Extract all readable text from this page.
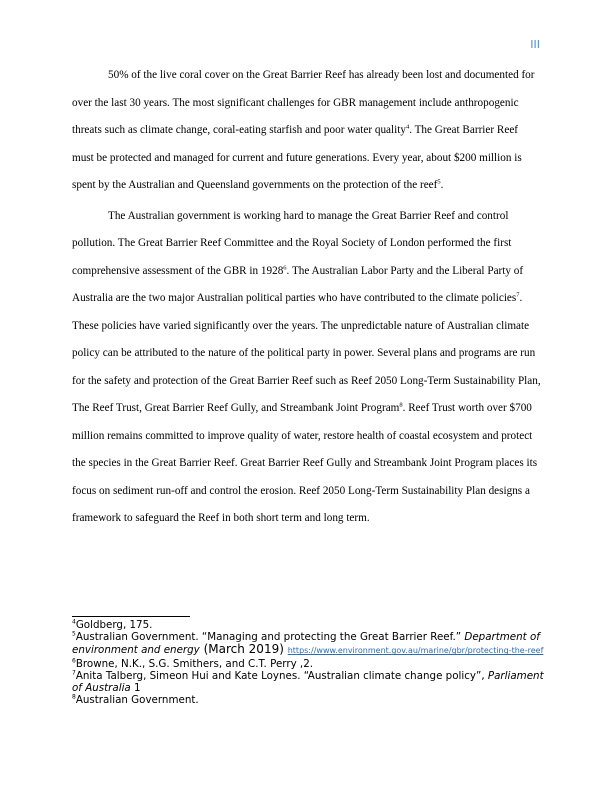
III

50% of the live coral cover on the Great Barrier Reef has already been lost and documented for over the last 30 years. The most significant challenges for GBR management include anthropogenic threats such as climate change, coral-eating starfish and poor water quality$^4$. The Great Barrier Reef must be protected and managed for current and future generations. Every year, about $200 million is spent by the Australian and Queensland governments on the protection of the reef$^5$.

The Australian government is working hard to manage the Great Barrier Reef and control pollution. The Great Barrier Reef Committee and the Royal Society of London performed the first comprehensive assessment of the GBR in 1928$^6$. The Australian Labor Party and the Liberal Party of Australia are the two major Australian political parties who have contributed to the climate policies$^7$. These policies have varied significantly over the years. The unpredictable nature of Australian climate policy can be attributed to the nature of the political party in power. Several plans and programs are run for the safety and protection of the Great Barrier Reef such as Reef 2050 Long-Term Sustainability Plan, The Reef Trust, Great Barrier Reef Gully, and Streambank Joint Program$^8$. Reef Trust worth over $700 million remains committed to improve quality of water, restore health of coastal ecosystem and protect the species in the Great Barrier Reef. Great Barrier Reef Gully and Streambank Joint Program places its focus on sediment run-off and control the erosion. Reef 2050 Long-Term Sustainability Plan designs a framework to safeguard the Reef in both short term and long term.

$^4$Goldberg, 175.
$^5$Australian Government. “Managing and protecting the Great Barrier Reef.” Department of environment and energy (March 2019) https://www.environment.gov.au/marine/gbr/protecting-the-reef
$^6$Browne, N.K., S.G. Smithers, and C.T. Perry ,2.
$^7$Anita Talberg, Simeon Hui and Kate Loynes. “Australian climate change policy”, Parliament of Australia 1
$^8$Australian Government.
